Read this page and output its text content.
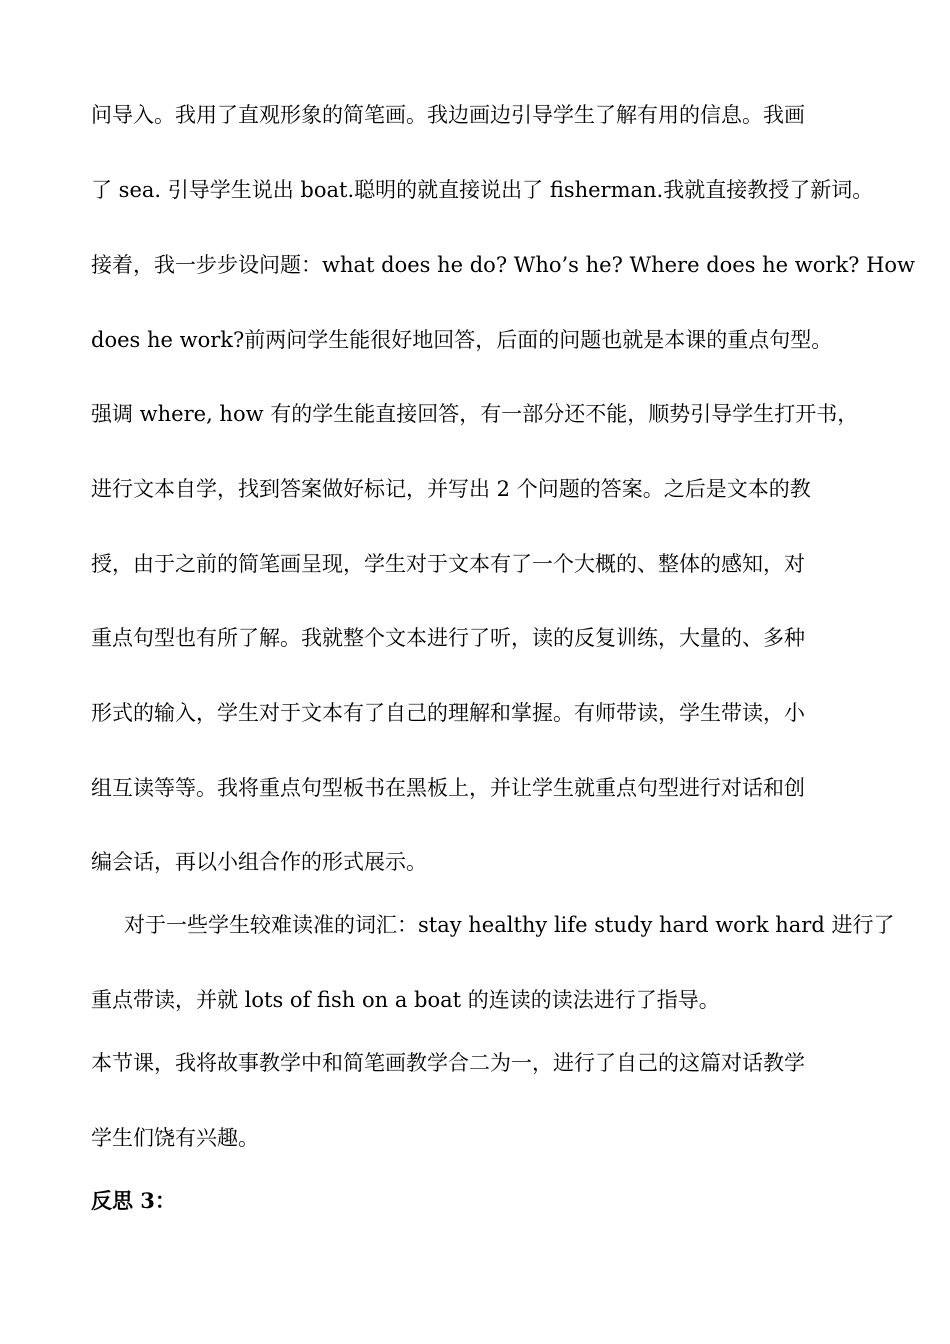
问导入。我用了直观形象的简笔画。我边画边引导学生了解有用的信息。我画
了 sea. 引导学生说出 boat.聪明的就直接说出了 fisherman.我就直接教授了新词。
接着，我一步步设问题：what does he do? Who’s he? Where does he work? How
does he work?前两问学生能很好地回答，后面的问题也就是本课的重点句型。
强调 where, how 有的学生能直接回答，有一部分还不能，顺势引导学生打开书，
进行文本自学，找到答案做好标记，并写出 2 个问题的答案。之后是文本的教
授，由于之前的简笔画呈现，学生对于文本有了一个大概的、整体的感知，对
重点句型也有所了解。我就整个文本进行了听，读的反复训练，大量的、多种
形式的输入，学生对于文本有了自己的理解和掌握。有师带读，学生带读，小
组互读等等。我将重点句型板书在黑板上，并让学生就重点句型进行对话和创
编会话，再以小组合作的形式展示。
对于一些学生较难读准的词汇：stay healthy life study hard work hard 进行了
重点带读，并就 lots of fish on a boat 的连读的读法进行了指导。
本节课，我将故事教学中和简笔画教学合二为一，进行了自己的这篇对话教学
学生们饶有兴趣。
反思 3：
